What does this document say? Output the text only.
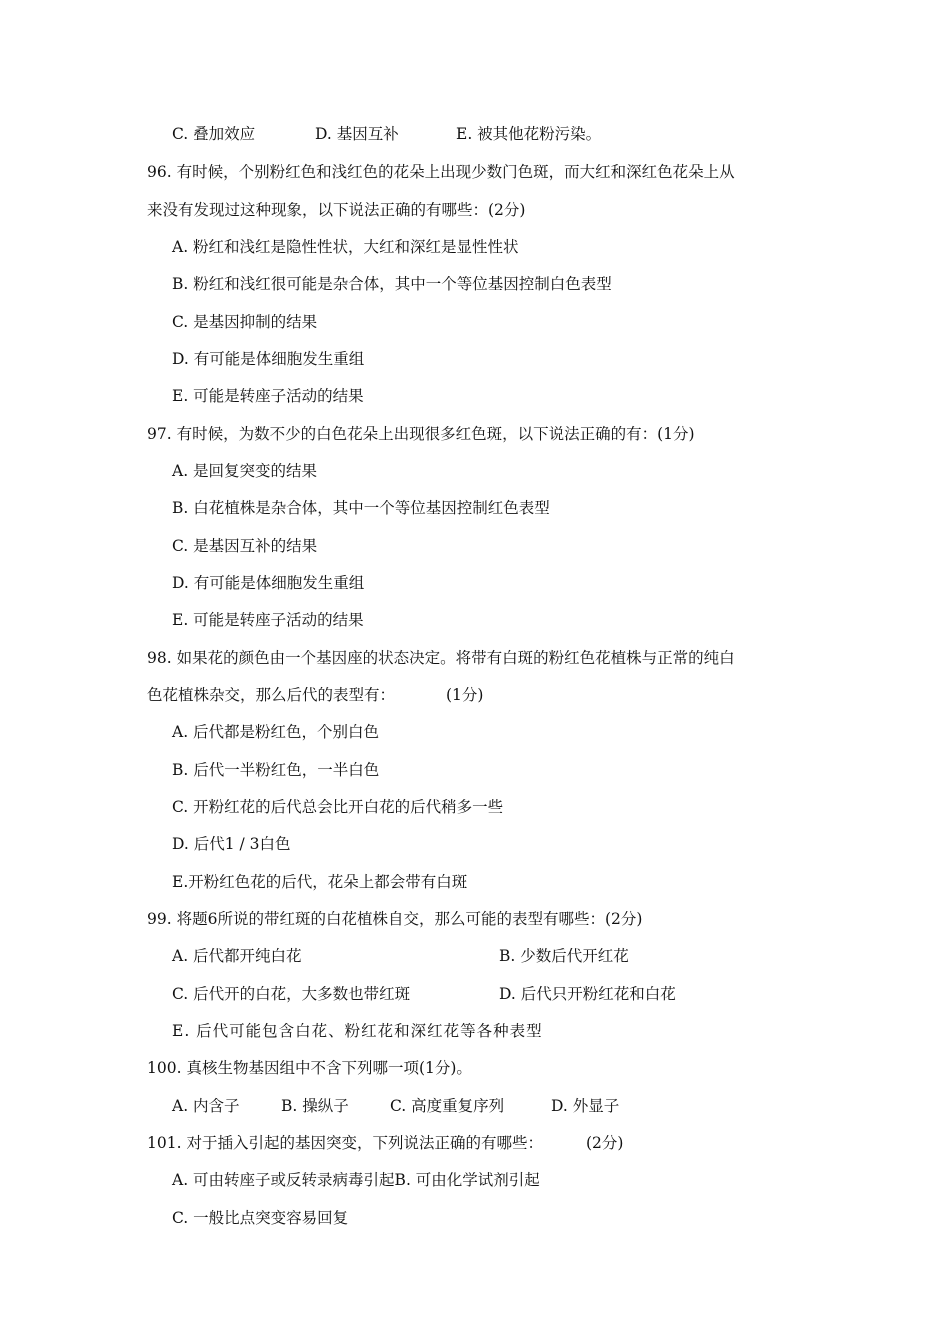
C. 叠加效应	D. 基因互补	E. 被其他花粉污染。
96. 有时候，个别粉红色和浅红色的花朵上出现少数门色斑，而大红和深红色花朵上从
来没有发现过这种现象，以下说法正确的有哪些：(2分)
A. 粉红和浅红是隐性性状，大红和深红是显性性状
B. 粉红和浅红很可能是杂合体，其中一个等位基因控制白色表型
C. 是基因抑制的结果
D. 有可能是体细胞发生重组
E. 可能是转座子活动的结果
97. 有时候，为数不少的白色花朵上出现很多红色斑，以下说法正确的有：(1分)
A. 是回复突变的结果
B. 白花植株是杂合体，其中一个等位基因控制红色表型
C. 是基因互补的结果
D. 有可能是体细胞发生重组
E. 可能是转座子活动的结果
98. 如果花的颜色由一个基因座的状态决定。将带有白斑的粉红色花植株与正常的纯白
色花植株杂交，那么后代的表型有：	(1分)
A. 后代都是粉红色，个别白色
B. 后代一半粉红色，一半白色
C. 开粉红花的后代总会比开白花的后代稍多一些
D. 后代1 / 3白色
E.开粉红色花的后代，花朵上都会带有白斑
99. 将题6所说的带红斑的白花植株自交，那么可能的表型有哪些：(2分)
A. 后代都开纯白花	B. 少数后代开红花
C. 后代开的白花，大多数也带红斑	D. 后代只开粉红花和白花
E. 后代可能包含白花、粉红花和深红花等各种表型
100. 真核生物基因组中不含下列哪一项(1分)。
A. 内含子	B. 操纵子	C. 高度重复序列	D. 外显子
101. 对于插入引起的基因突变，下列说法正确的有哪些：	(2分)
A. 可由转座子或反转录病毒引起B. 可由化学试剂引起
C. 一般比点突变容易回复
